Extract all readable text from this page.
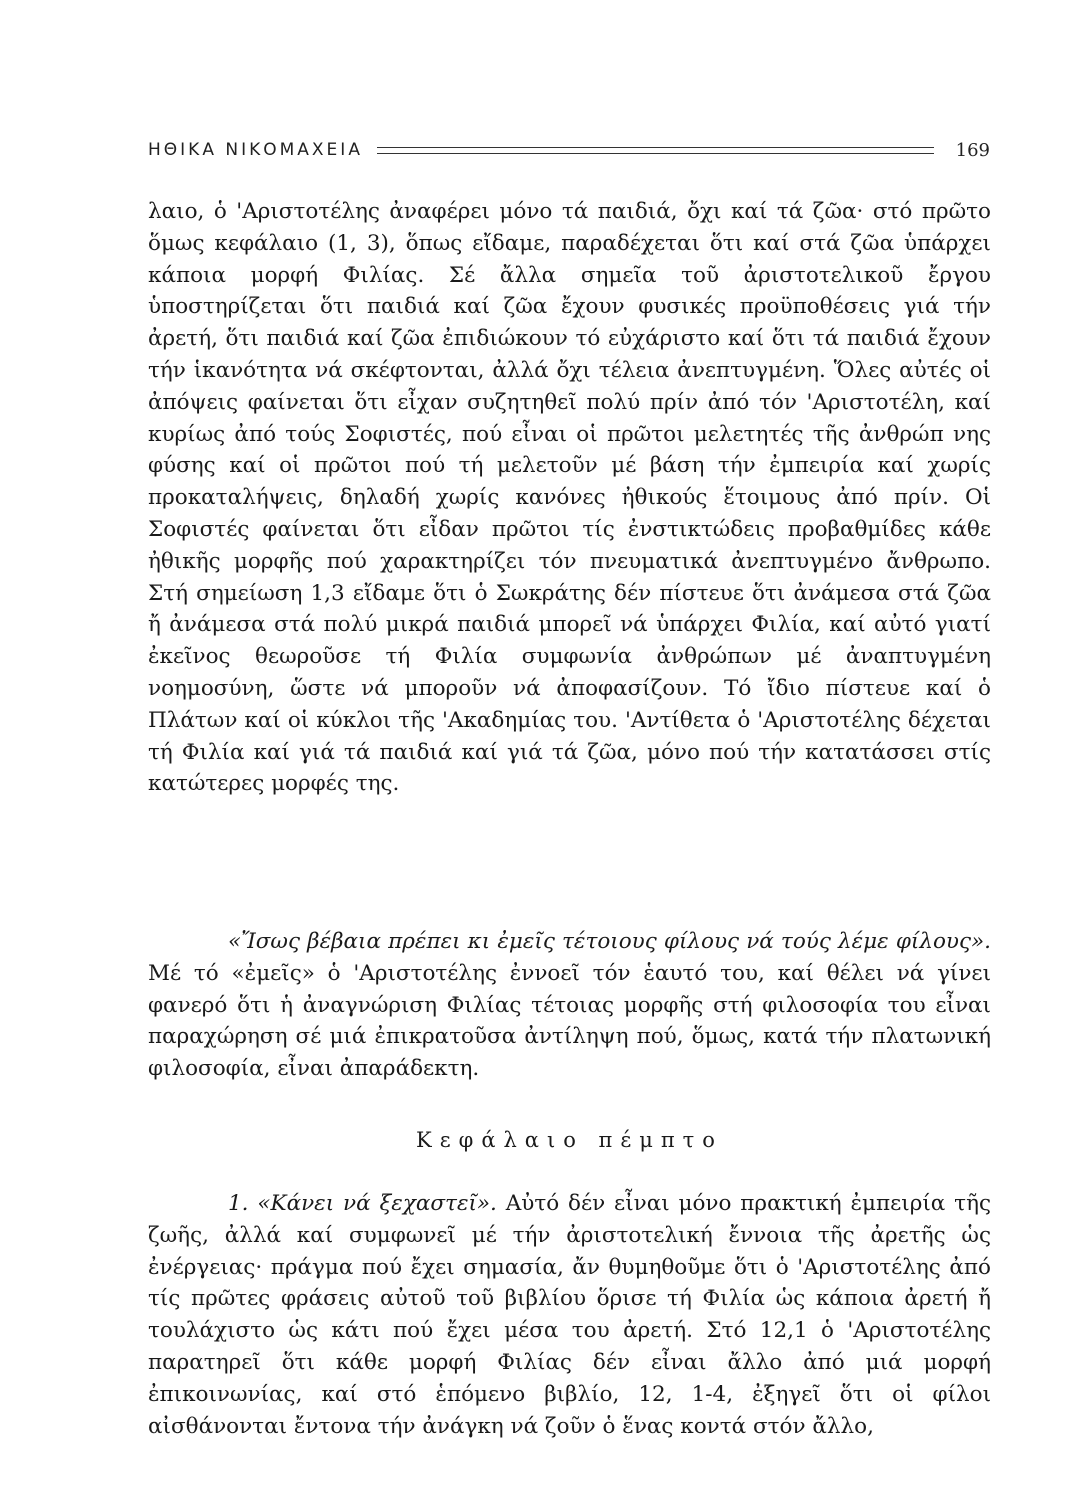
ΗΘΙΚΑ ΝΙΚΟΜΑΧΕΙΑ	169

λαιο, ὁ 'Αριστοτέλης ἀναφέρει μόνο τά παιδιά, ὄχι καί τά ζῶα· στό πρῶτο ὅμως κεφάλαιο (1, 3), ὅπως εἴδαμε, παραδέχεται ὅτι καί στά ζῶα ὑπάρχει κάποια μορφή Φιλίας. Σέ ἄλλα σημεῖα τοῦ ἀριστοτελικοῦ ἔργου ὑποστηρίζεται ὅτι παιδιά καί ζῶα ἔχουν φυσικές προϋποθέσεις γιά τήν ἀρετή, ὅτι παιδιά καί ζῶα ἐπιδιώκουν τό εὐχάριστο καί ὅτι τά παιδιά ἔχουν τήν ἱκανότητα νά σκέφτονται, ἀλλά ὄχι τέλεια ἀνεπτυγμένη. Ὅλες αὐτές οἱ ἀπόψεις φαίνεται ὅτι εἶχαν συζητηθεῖ πολύ πρίν ἀπό τόν 'Αριστοτέλη, καί κυρίως ἀπό τούς Σοφιστές, πού εἶναι οἱ πρῶτοι μελετητές τῆς ἀνθρώπ νης φύσης καί οἱ πρῶτοι πού τή μελετοῦν μέ βάση τήν ἐμπειρία καί χωρίς προκαταλήψεις, δηλαδή χωρίς κανόνες ἠθικούς ἕτοιμους ἀπό πρίν. Οἱ Σοφιστές φαίνεται ὅτι εἶδαν πρῶτοι τίς ἐνστικτώδεις προβαθμίδες κάθε ἠθικῆς μορφῆς πού χαρακτηρίζει τόν πνευματικά ἀνεπτυγμένο ἄνθρωπο. Στή σημείωση 1,3 εἴδαμε ὅτι ὁ Σωκράτης δέν πίστευε ὅτι ἀνάμεσα στά ζῶα ἤ ἀνάμεσα στά πολύ μικρά παιδιά μπορεῖ νά ὑπάρχει Φιλία, καί αὐτό γιατί ἐκεῖνος θεωροῦσε τή Φιλία συμφωνία ἀνθρώπων μέ ἀναπτυγμένη νοημοσύνη, ὥστε νά μποροῦν νά ἀποφασίζουν. Τό ἴδιο πίστευε καί ὁ Πλάτων καί οἱ κύκλοι τῆς 'Ακαδημίας του. 'Αντίθετα ὁ 'Αριστοτέλης δέχεται τή Φιλία καί γιά τά παιδιά καί γιά τά ζῶα, μόνο πού τήν κατατάσσει στίς κατώτερες μορφές της.

«Ἴσως βέβαια πρέπει κι ἐμεῖς τέτοιους φίλους νά τούς λέμε φίλους». Μέ τό «ἐμεῖς» ὁ 'Αριστοτέλης ἐννοεῖ τόν ἑαυτό του, καί θέλει νά γίνει φανερό ὅτι ἡ ἀναγνώριση Φιλίας τέτοιας μορφῆς στή φιλοσοφία του εἶναι παραχώρηση σέ μιά ἐπικρατοῦσα ἀντίληψη πού, ὅμως, κατά τήν πλατωνική φιλοσοφία, εἶναι ἀπαράδεκτη.

Κεφάλαιο πέμπτο

1. «Κάνει νά ξεχαστεῖ». Αὐτό δέν εἶναι μόνο πρακτική ἐμπειρία τῆς ζωῆς, ἀλλά καί συμφωνεῖ μέ τήν ἀριστοτελική ἔννοια τῆς ἀρετῆς ὡς ἐνέργειας· πράγμα πού ἔχει σημασία, ἄν θυμηθοῦμε ὅτι ὁ 'Αριστοτέλης ἀπό τίς πρῶτες φράσεις αὐτοῦ τοῦ βιβλίου ὅρισε τή Φιλία ὡς κάποια ἀρετή ἤ τουλάχιστο ὡς κάτι πού ἔχει μέσα του ἀρετή. Στό 12,1 ὁ 'Αριστοτέλης παρατηρεῖ ὅτι κάθε μορφή Φιλίας δέν εἶναι ἄλλο ἀπό μιά μορφή ἐπικοινωνίας, καί στό ἑπόμενο βιβλίο, 12, 1-4, ἐξηγεῖ ὅτι οἱ φίλοι αἰσθάνονται ἔντονα τήν ἀνάγκη νά ζοῦν ὁ ἕνας κοντά στόν ἄλλο,
